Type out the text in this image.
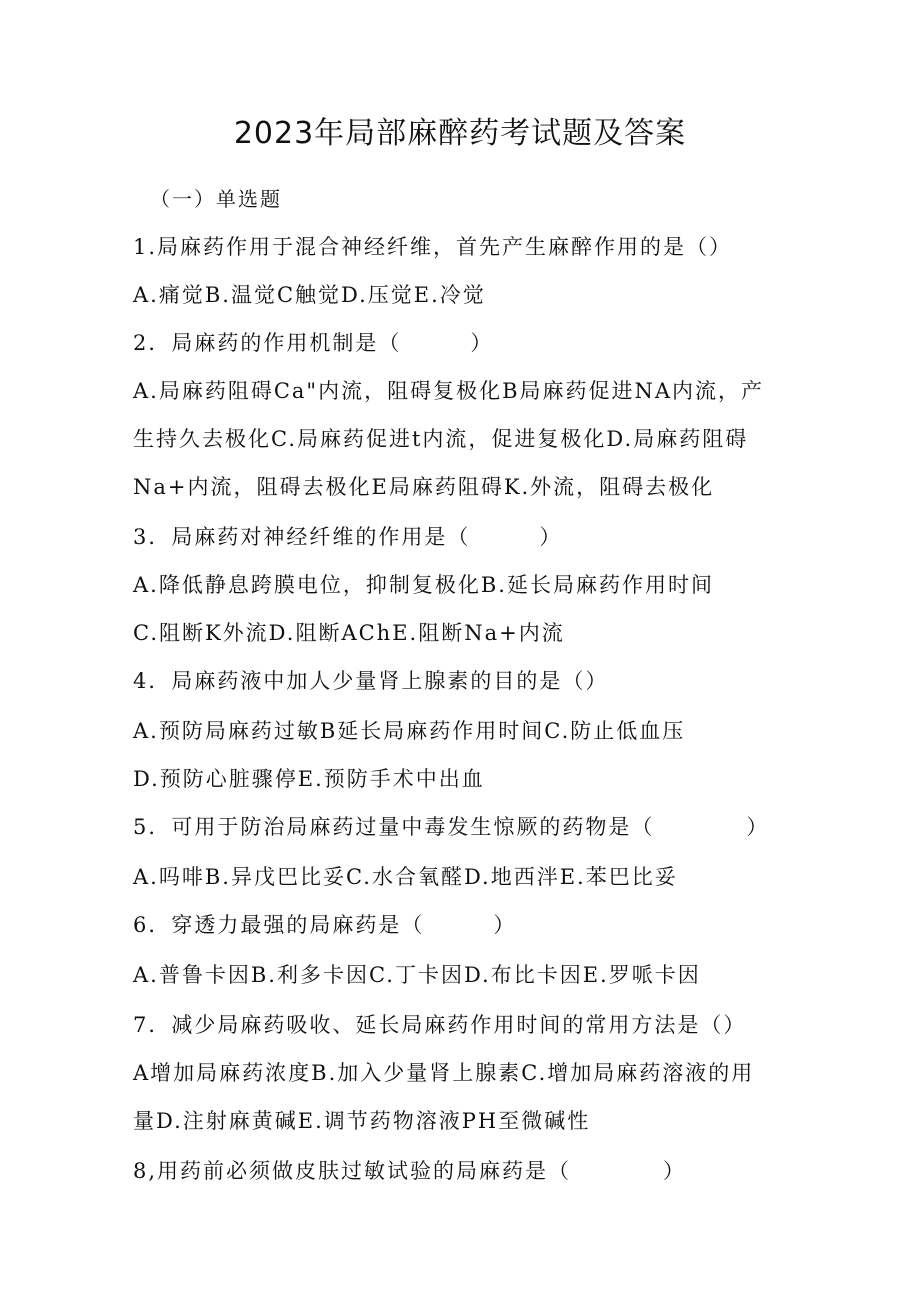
2023年局部麻醉药考试题及答案
（一）单选题
1.局麻药作用于混合神经纤维，首先产生麻醉作用的是（）
A.痛觉B.温觉C触觉D.压觉E.冷觉
2．局麻药的作用机制是（　　　）
A.局麻药阻碍Ca"内流，阻碍复极化B局麻药促进NA内流，产
生持久去极化C.局麻药促进t内流，促进复极化D.局麻药阻碍
Na+内流，阻碍去极化E局麻药阻碍K.外流，阻碍去极化
3．局麻药对神经纤维的作用是（　　　）
A.降低静息跨膜电位，抑制复极化B.延长局麻药作用时间
C.阻断K外流D.阻断AChE.阻断Na+内流
4．局麻药液中加人少量肾上腺素的目的是（）
A.预防局麻药过敏B延长局麻药作用时间C.防止低血压
D.预防心脏骤停E.预防手术中出血
5．可用于防治局麻药过量中毒发生惊厥的药物是（　　　　）
A.吗啡B.异戊巴比妥C.水合氧醛D.地西泮E.苯巴比妥
6．穿透力最强的局麻药是（　　　）
A.普鲁卡因B.利多卡因C.丁卡因D.布比卡因E.罗哌卡因
7．减少局麻药吸收、延长局麻药作用时间的常用方法是（）
A增加局麻药浓度B.加入少量肾上腺素C.增加局麻药溶液的用
量D.注射麻黄碱E.调节药物溶液PH至微碱性
8,用药前必须做皮肤过敏试验的局麻药是（　　　　）
